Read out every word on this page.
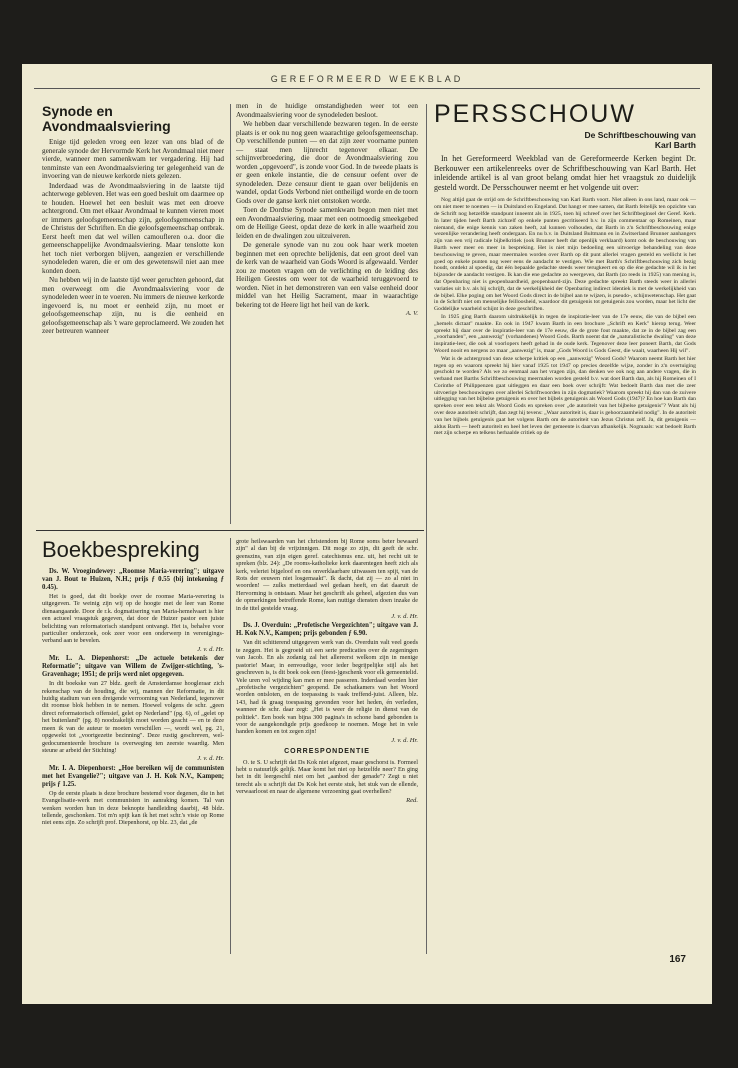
GEREFORMEERD WEEKBLAD
Synode en
Avondmaalsviering

Enige tijd geleden vroeg een lezer van ons blad of de generale synode der Hervormde Kerk het Avondmaal niet meer vierde, wanneer men samenkwam ter vergadering. Hij had tenminste van een Avondmaalsviering ter gelegenheid van de invoering van de nieuwe kerkorde niets gelezen.

Inderdaad was de Avondmaalsviering in de laatste tijd achterwege gebleven. Het was een goed besluit om daarmee op te houden. Hoewel het een besluit was met een droeve achtergrond. Om met elkaar Avondmaal te kunnen vieren moet er immers geloofsgemeenschap zijn, geloofsgemeenschap in de Christus der Schriften. En die geloofsgemeenschap ontbrak. Eerst heeft men dat wel willen camoufleren o.a. door die gemeenschappelijke Avondmaalsviering. Maar tenslotte kon het toch niet verborgen blijven, aangezien er verschillende synodeleden waren, die er om des gewetenswil niet aan mee konden doen.

Nu hebben wij in de laatste tijd weer geruchten gehoord, dat men overweegt om die Avondmaalsviering voor de synodeleden weer in te voeren. Nu immers de nieuwe kerkorde ingevoerd is, nu moet er eenheid zijn, nu moet er geloofsgemeenschap zijn, nu is die eenheid en geloofsgemeenschap als 't ware geproclameerd. We zouden het zeer betreuren wanneer

men in de huidige omstandigheden weer tot een Avondmaalsviering voor de synodeleden besloot.

We hebben daar verschillende bezwaren tegen. In de eerste plaats is er ook nu nog geen waarachtige geloofsgemeenschap. Op verschillende punten — en dat zijn zeer voorname punten — staat men lijnrecht tegenover elkaar. De schijnverbroedering, die door de Avondmaalsviering zou worden „opgevoerd", is zonde voor God. In de tweede plaats is er geen enkele instantie, die de censuur oefent over de synodeleden. Deze censuur dient te gaan over belijdenis en wandel, opdat Gods Verbond niet ontheiligd worde en de toorn Gods over de ganse kerk niet ontstoken worde.

Toen de Dordtse Synode samenkwam begon men niet met een Avondmaalsviering, maar met een ootmoedig smeekgebed om de Heilige Geest, opdat deze de kerk in alle waarheid zou leiden en de dwalingen zou uitzuiveren.

De generale synode van nu zou ook haar werk moeten beginnen met een oprechte belijdenis, dat een groot deel van de kerk van de waarheid van Gods Woord is afgewaald. Verder zou ze moeten vragen om de verlichting en de leiding des Heiligen Geestes om weer tot de waarheid teruggevoerd te worden. Niet in het demonstreren van een valse eenheid door middel van het Heilig Sacrament, maar in waarachtige bekering tot de Heere ligt het heil van de kerk.

A. V.
Boekbespreking

Ds. W. Vroegindewey: „Roomse Maria-verering"; uitgave van J. Bout te Huizen, N.H.; prijs ƒ 0.55 (bij intekening ƒ 0.45).

Het is goed, dat dit boekje over de roomse Maria-verering is uitgegeven. Te weinig zijn wij op de hoogte met de leer van Rome dienaangaande. Door de r.k. dogmatisering van Maria-hemelvaart is hier een actueel vraagstuk gegeven, dat door de Huizer pastor een juiste belichting van reformatorisch standpunt ontvangt. Het is, behalve voor particulier onderzoek, ook zeer voor een onderwerp in verenigings-verband aan te bevelen.

J. v. d. Hr.

Mr. L. A. Diepenhorst: „De actuele betekenis der Reformatie"; uitgave van Willem de Zwijger-stichting, 's-Gravenhage; 1951; de prijs werd niet opgegeven.

In dit boekske van 27 bldz. geeft de Amsterdamse hoogleraar zich rekenschap van de houding, die wij, mannen der Reformatie, in dit huidig stadium van een dreigende verrooming van Nederland, tegenover dit roomse blok hebben in te nemen. Hoewel volgens de schr. „geen direct reformatorisch offensief, gelet op Nederland" (pg. 6), of „gelet op het buitenland" (pg. 8) noodzakelijk moet worden geacht — en te deze meen ik van de auteur te moeten verschillen —, wordt wel, pg. 21, opgewekt tot „voortgezette bezinning". Deze rustig geschreven, wel-gedocumenteerde brochure is overweging ten zeerste waardig. Men steune ar arbeid der Stichting!

J. v. d. Hr.

Mr. I. A. Diepenhorst: „Hoe bereiken wij de communisten met het Evangelie?"; uitgave van J. H. Kok N.V., Kampen; prijs ƒ 1.25.

Op de eerste plaats is deze brochure bestemd voor degenen, die in het Evangelisatie-werk met communisten in aanraking komen. Tal van wenken worden hun in deze beknopte handleiding daarbij, 48 bldz. tellende, geschonken. Tot m'n spijt kan ik het met schr.'s visie op Rome niet eens zijn. Zo schrijft prof. Diepenhorst, op blz. 23, dat „de

grote heilswaarden van het christendom bij Rome soms beter bewaard zijn" al dan bij de vrijzinnigen. Dit moge zo zijn, dit geeft de schr. geenszins, van zijn eigen geref. catechismus enz. uit, het recht uit te spreken (blz. 24): „De rooms-katholieke kerk daarentegen heeft zich als kerk, veleriei bijgeloof en ons onverklaarbare uitwassen ten spijt, van de Rots der eeuwen niet losgemaakt". Ik dacht, dat zij — zo al niet in woorden! — zulks metterdaad wel gedaan heeft, en dat daaruit de Hervorming is ontstaan. Maar het geschrift als geheel, afgezien dus van de opmerkingen betreffende Rome, kan nuttige diensten doen inzake de in de titel gestelde vraag.

J. v. d. Hr.

Ds. J. Overduin: „Profetische Vergezichten"; uitgave van J. H. Kok N.V., Kampen; prijs gebonden ƒ 6.90.

Van dit schitterend uitgegeven werk van ds. Overduin valt veel goeds te zeggen. Het is gegroeid uit een serie predicaties over de zegeningen van Jacob. En als zodanig zal het allereerst welkom zijn in menige pastorie! Maar, in eenvoudige, voor ieder begrijpelijke stijl als het geschreven is, is dit boek ook een (feest-)geschenk voor elk gemeentelid. Vele uren vol wijding kan men er mee passeren. Inderdaad worden hier „profetische vergezichten" geopend. De schatkamers van het Woord worden ontsloten, en de toepassing is vaak treffend-juist. Alleen, blz. 143, had ik graag toespasing gevonden voor het heden, én verleden, wanneer de schr. daar zegt: „Het is weer de religie in dienst van de politiek". Een boek van bijna 300 pagina's in schone band gebonden is voor de aangekondigde prijs goedkoop te noemen. Moge het in vele handen komen en tot zegen zijn!

J. v. d. Hr.
CORRESPONDENTIE

O. te S. U schrijft dat Ds Kok niet afgezet, maar geschorst is. Formeel hebt u natuurlijk gelijk. Maar komt het niet op hetzelfde neer? En ging het in dit leergeschil niet om het „aanbod der genade"? Zegt u niet terecht als u schrijft dat Ds Kok het eerste stuk, het stuk van de ellende, verwaarloost en naar de algemene verzoening gaat overhellen?

Red.
PERSSCHOUW
De Schriftbeschouwing van
Karl Barth

In het Gereformeerd Weekblad van de Gereformeerde Kerken begint Dr. Berkouwer een artikelenreeks over de Schriftbeschouwing van Karl Barth. Het inleidende artikel is al van groot belang omdat hier het vraagstuk zo duidelijk gesteld wordt. De Persschouwer neemt er het volgende uit over:

Nog altijd gaat de strijd om de Schriftbeschouwing van Karl Barth voort. Niet alleen in ons land, maar ook — om niet meer te noemen — in Duitsland en Engeland. Dat hangt er mee samen, dat Barth feitelijk ten opzichte van de Schrift nog hetzelfde standpunt inneemt als in 1925, toen hij schreef over het Schriftbeginsel der Geref. Kerk. In later tijden heeft Barth zichzelf op enkele punten gecritiseerd b.v. in zijn commentaar op Romeinen, maar niemand, die enige kennis van zaken heeft, zal kunnen volhouden, dat Barth in z'n Schriftbeschouwing enige wezenlijke verandering heeft ondergaan. En nu b.v. in Duitsland Bultmann en in Zwitserland Brunner aanhangers zijn van een vrij radicale bijbelkritiek (ook Brunner heeft dat openlijk verklaard) komt ook de beschouwing van Barth weer meer en meer in bespreking. Het is niet mijn bedoeling een uitvoerige behandeling van deze beschouwing te geven, maar meermalen worden over Barth op dit punt allerlei vragen gesteld en wellicht is het goed op enkele punten nog weer eens de aandacht te vestigen. Wie met Barth's Schriftbeschouwing zich bezig houdt, ontdekt al spoedig, dat één bepaalde gedachte steeds weer terugkeert en op die éne gedachte wil ik in het bijzonder de aandacht vestigen. Ik kan die ene gedachte zo weergeven, dat Barth (zo reeds in 1925) van mening is, dat Openbaring niet is geopenbaardheid, geopenbaard-zijn. Deze gedachte spreekt Barth steeds weer in allerlei variaties uit b.v. als hij schrijft, dat de werkelijkheid der Openbaring indirect identiek is met de werkelijkheid van de bijbel. Elke poging om het Woord Gods direct in de bijbel aan te wijzen, is pseudo-, schijnwetenschap. Het gaat in de Schrift niet om menselijke feilloosheid, waardoor dit getuigenis tot getuigenis zou worden, maar het licht der Goddelijke waarheid schijnt in deze geschriften.

In 1925 ging Barth daarom uitdrukkelijk in tegen de inspiratie-leer van de 17e eeuw, die van de bijbel een „hemels dictaat" maakte. En ook in 1947 kwam Barth in een brochure „Schrift en Kerk" hierop terug. Weer spreekt hij daar over de inspiratie-leer van de 17e eeuw, die de grote fout maakte, dat ze in de bijbel zag een „voorhanden", een „aanwezig" (vorhandenes) Woord Gods. Barth noemt dat de „naturalistische dwaling" van deze inspiratie-leer, die ook al voorlopers heeft gehad in de oude kerk. Tegenover deze leer poneert Barth, dat Gods Woord nooit en nergens zo maar „aanwezig" is, maar „Gods Woord is Gods Geest, die waait, waarheen Hij wil".

Wat is de achtergrond van deze scherpe kritiek op een „aanwezig" Woord Gods? Waarom neemt Barth het hier tegen op en waarom spreekt hij hier vanaf 1925 tot 1947 op precies dezelfde wijze, zonder in z'n overtuiging geschokt te worden? Als we zo eenmaal aan het vragen zijn, dan denken we ook nog aan andere vragen, die in verband met Barths Schriftbeschouwing meermalen worden gesteld b.v. wat doet Barth dan, als hij Romeinen of I Corinthe of Philippenzen gaat uitleggen en daar een boek over schrijft: Wat bedoelt Barth dan met die zeer uitvoerige beschouwingen over allerlei Schriftwoorden in zijn dogmatiek? Waarom spreekt hij dan van de zuivere uitlegging van het bijbelse getuigenis en over het bijbels getuigenis als Woord Gods (1947)? En hoe kan Barth dan spreken over een tekst als Woord Gods en spreken over „de autoriteit van het bijbelse getuigenis"? Want als hij over deze autoriteit schrijft, dan zegt hij tevens: „Waar autoriteit is, daar is gehoorzaamheid nodig". In de autoriteit van het bijbels getuigenis gaat het volgens Barth om de autoriteit van Jezus Christus zelf. Ja, dit getuigenis — aldus Barth — heeft autoriteit en heel het leven der gemeente is daarvan afhankelijk. Nogmaals: wat bedoelt Barth met zijn scherpe en telkens herhaalde critiek op de

167
